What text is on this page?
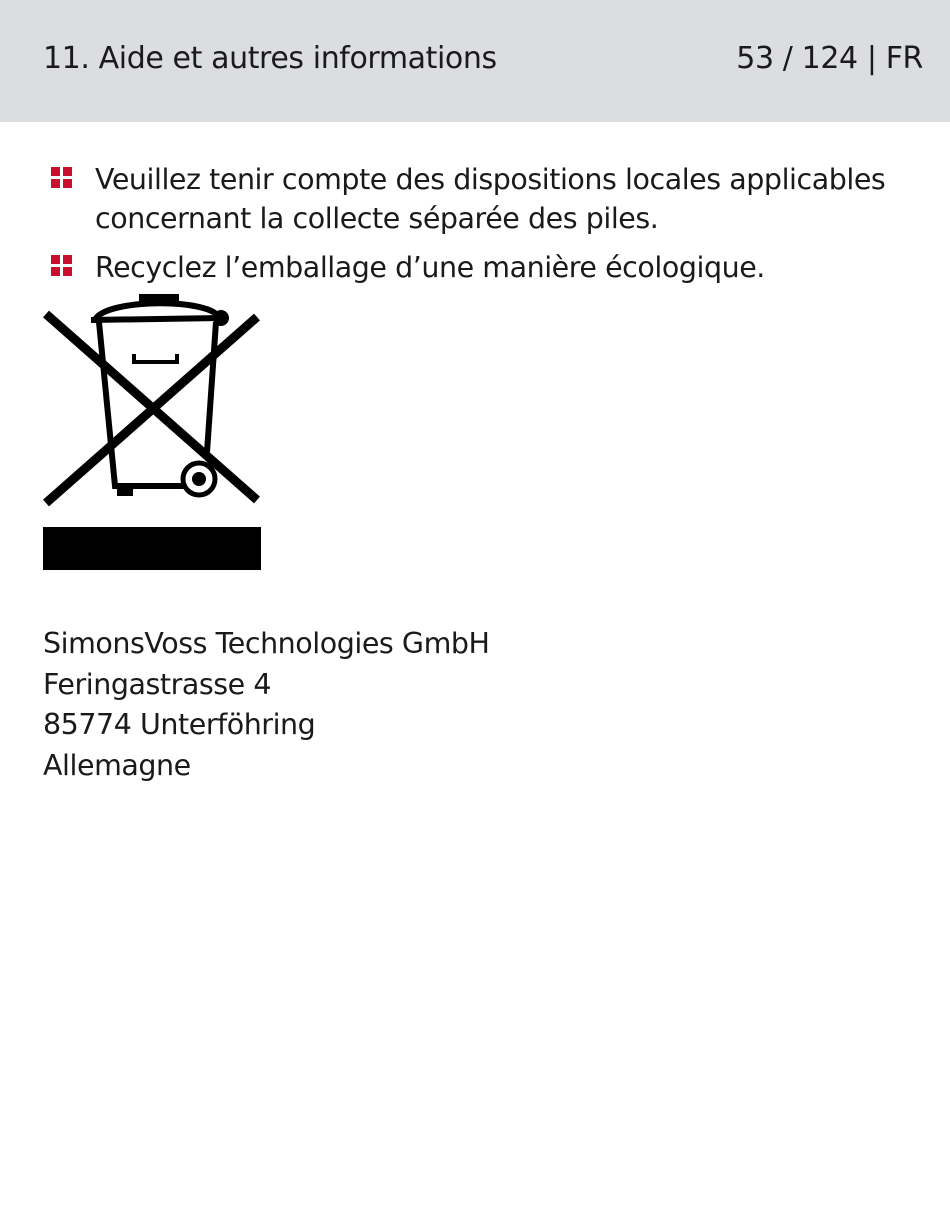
11. Aide et autres informations	53 / 124 | FR
Veuillez tenir compte des dispositions locales applicables concernant la collecte séparée des piles.
Recyclez l’emballage d’une manière écologique.
SimonsVoss Technologies GmbH
Feringastrasse 4
85774 Unterföhring
Allemagne
